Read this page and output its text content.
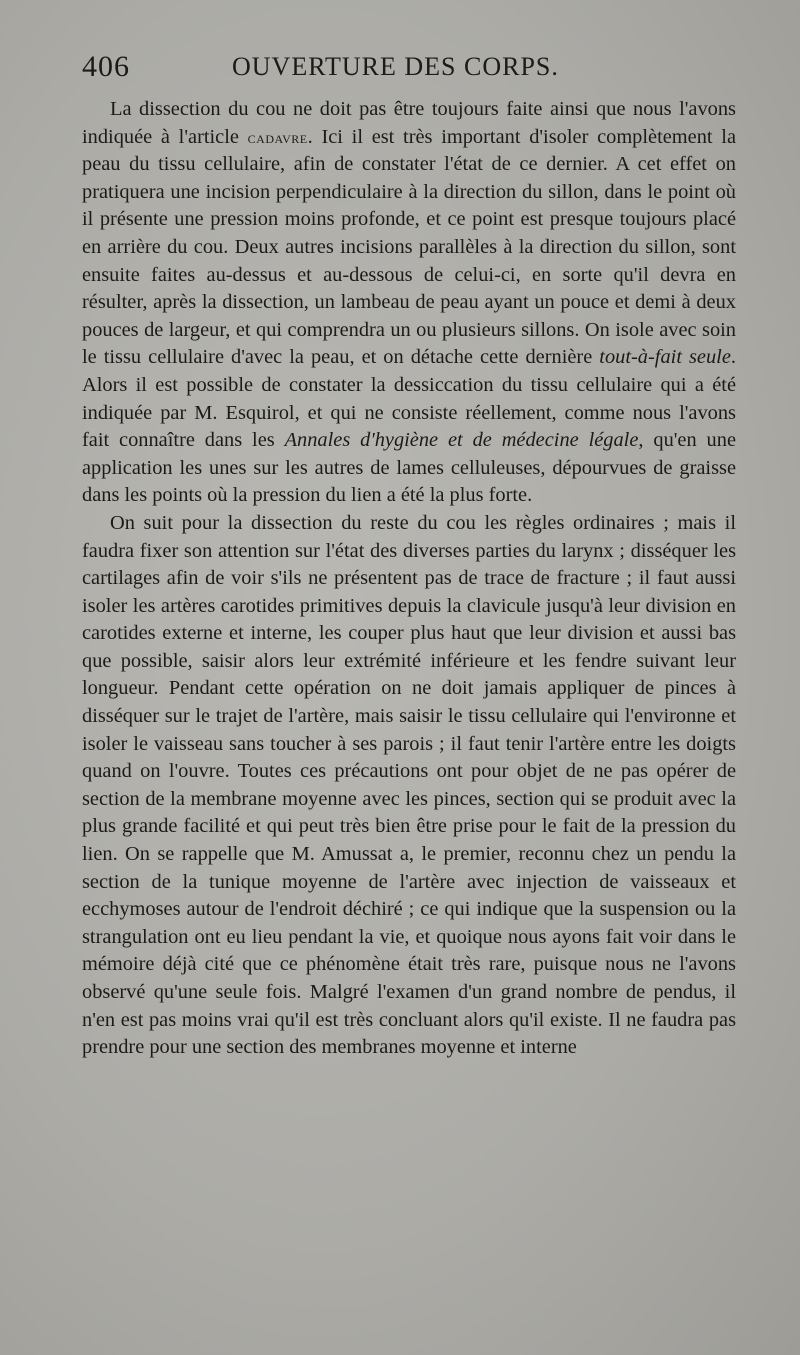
406	OUVERTURE DES CORPS.

La dissection du cou ne doit pas être toujours faite ainsi que nous l'avons indiquée à l'article cadavre. Ici il est très important d'isoler complètement la peau du tissu cellulaire, afin de constater l'état de ce dernier. A cet effet on pratiquera une incision perpendiculaire à la direction du sillon, dans le point où il présente une pression moins profonde, et ce point est presque toujours placé en arrière du cou. Deux autres incisions parallèles à la direction du sillon, sont ensuite faites au-dessus et au-dessous de celui-ci, en sorte qu'il devra en résulter, après la dissection, un lambeau de peau ayant un pouce et demi à deux pouces de largeur, et qui comprendra un ou plusieurs sillons. On isole avec soin le tissu cellulaire d'avec la peau, et on détache cette dernière tout-à-fait seule. Alors il est possible de constater la dessiccation du tissu cellulaire qui a été indiquée par M. Esquirol, et qui ne consiste réellement, comme nous l'avons fait connaître dans les Annales d'hygiène et de médecine légale, qu'en une application les unes sur les autres de lames celluleuses, dépourvues de graisse dans les points où la pression du lien a été la plus forte.

On suit pour la dissection du reste du cou les règles ordinaires ; mais il faudra fixer son attention sur l'état des diverses parties du larynx ; disséquer les cartilages afin de voir s'ils ne présentent pas de trace de fracture ; il faut aussi isoler les artères carotides primitives depuis la clavicule jusqu'à leur division en carotides externe et interne, les couper plus haut que leur division et aussi bas que possible, saisir alors leur extrémité inférieure et les fendre suivant leur longueur. Pendant cette opération on ne doit jamais appliquer de pinces à disséquer sur le trajet de l'artère, mais saisir le tissu cellulaire qui l'environne et isoler le vaisseau sans toucher à ses parois ; il faut tenir l'artère entre les doigts quand on l'ouvre. Toutes ces précautions ont pour objet de ne pas opérer de section de la membrane moyenne avec les pinces, section qui se produit avec la plus grande facilité et qui peut très bien être prise pour le fait de la pression du lien. On se rappelle que M. Amussat a, le premier, reconnu chez un pendu la section de la tunique moyenne de l'artère avec injection de vaisseaux et ecchymoses autour de l'endroit déchiré ; ce qui indique que la suspension ou la strangulation ont eu lieu pendant la vie, et quoique nous ayons fait voir dans le mémoire déjà cité que ce phénomène était très rare, puisque nous ne l'avons observé qu'une seule fois. Malgré l'examen d'un grand nombre de pendus, il n'en est pas moins vrai qu'il est très concluant alors qu'il existe. Il ne faudra pas prendre pour une section des membranes moyenne et interne
